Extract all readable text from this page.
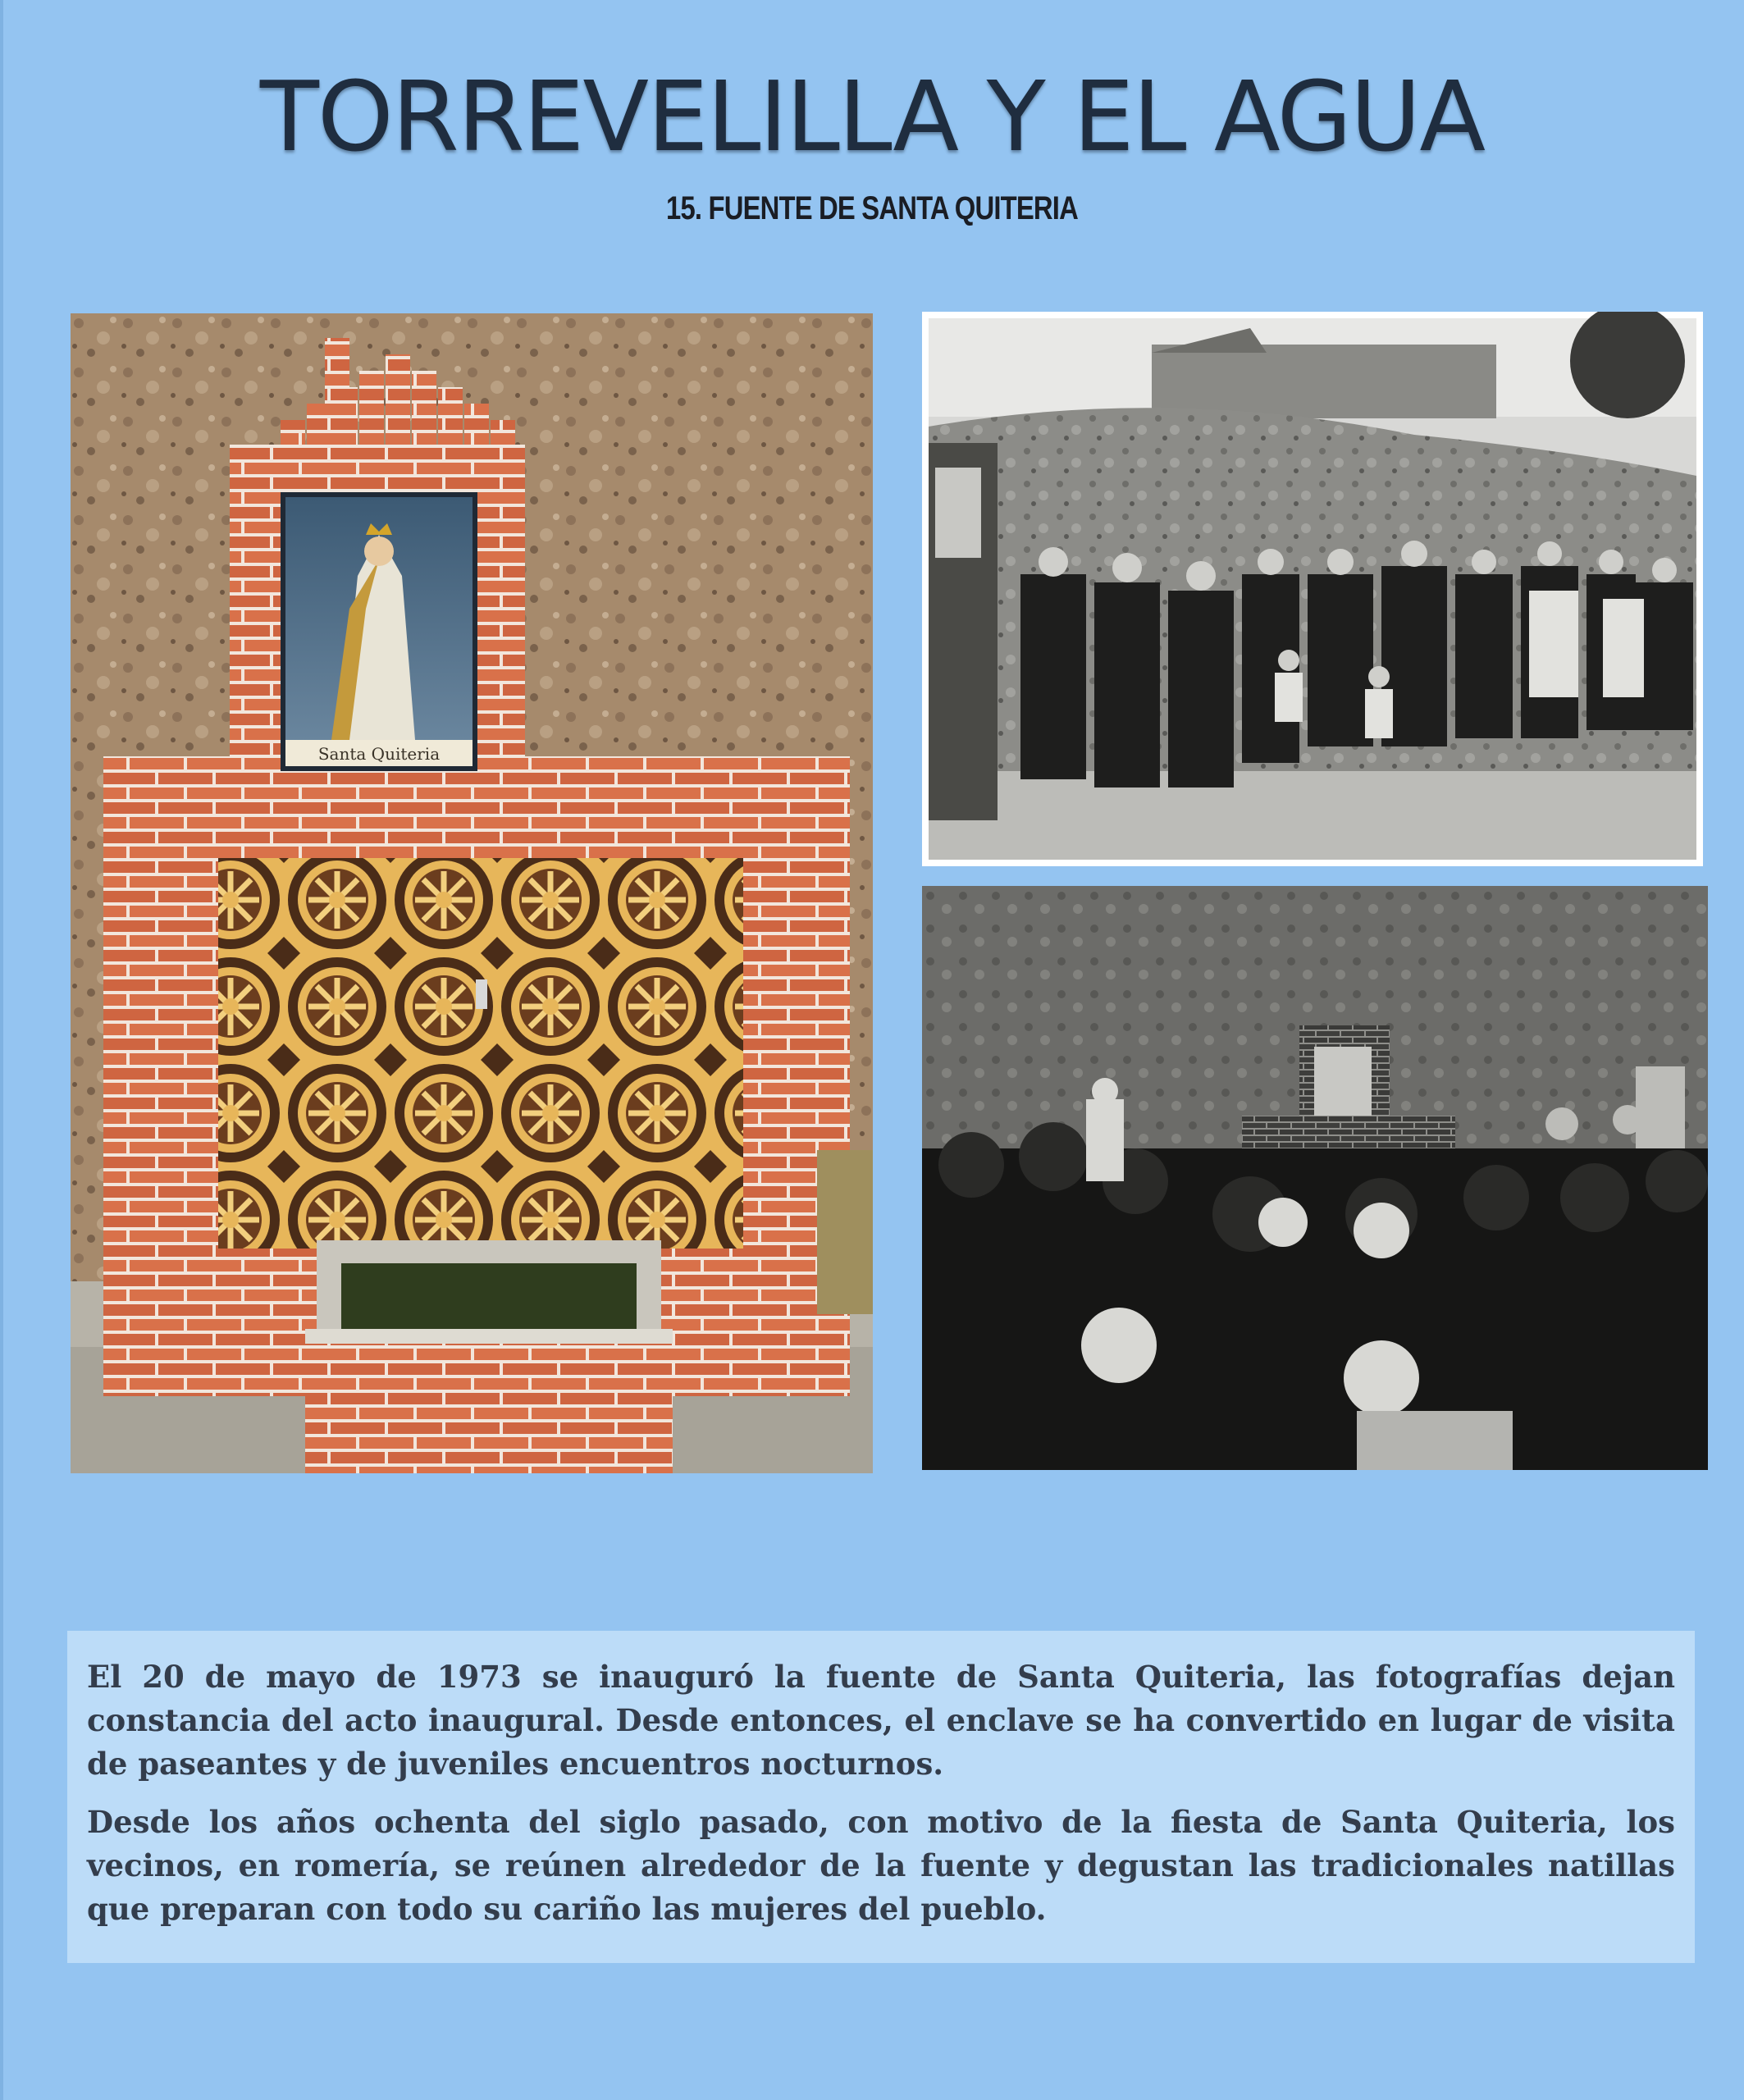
TORREVELILLA Y EL AGUA
15. FUENTE DE SANTA QUITERIA
Santa Quiteria

El 20 de mayo de 1973 se inauguró la fuente de Santa Quiteria, las fotografías dejan constancia del acto inaugural. Desde entonces, el enclave se ha convertido en lugar de visita de paseantes y de juveniles encuentros nocturnos.

Desde los años ochenta del siglo pasado, con motivo de la fiesta de Santa Quiteria, los vecinos, en romería, se reúnen alrededor de la fuente y degustan las tradicionales natillas que preparan con todo su cariño las mujeres del pueblo.
